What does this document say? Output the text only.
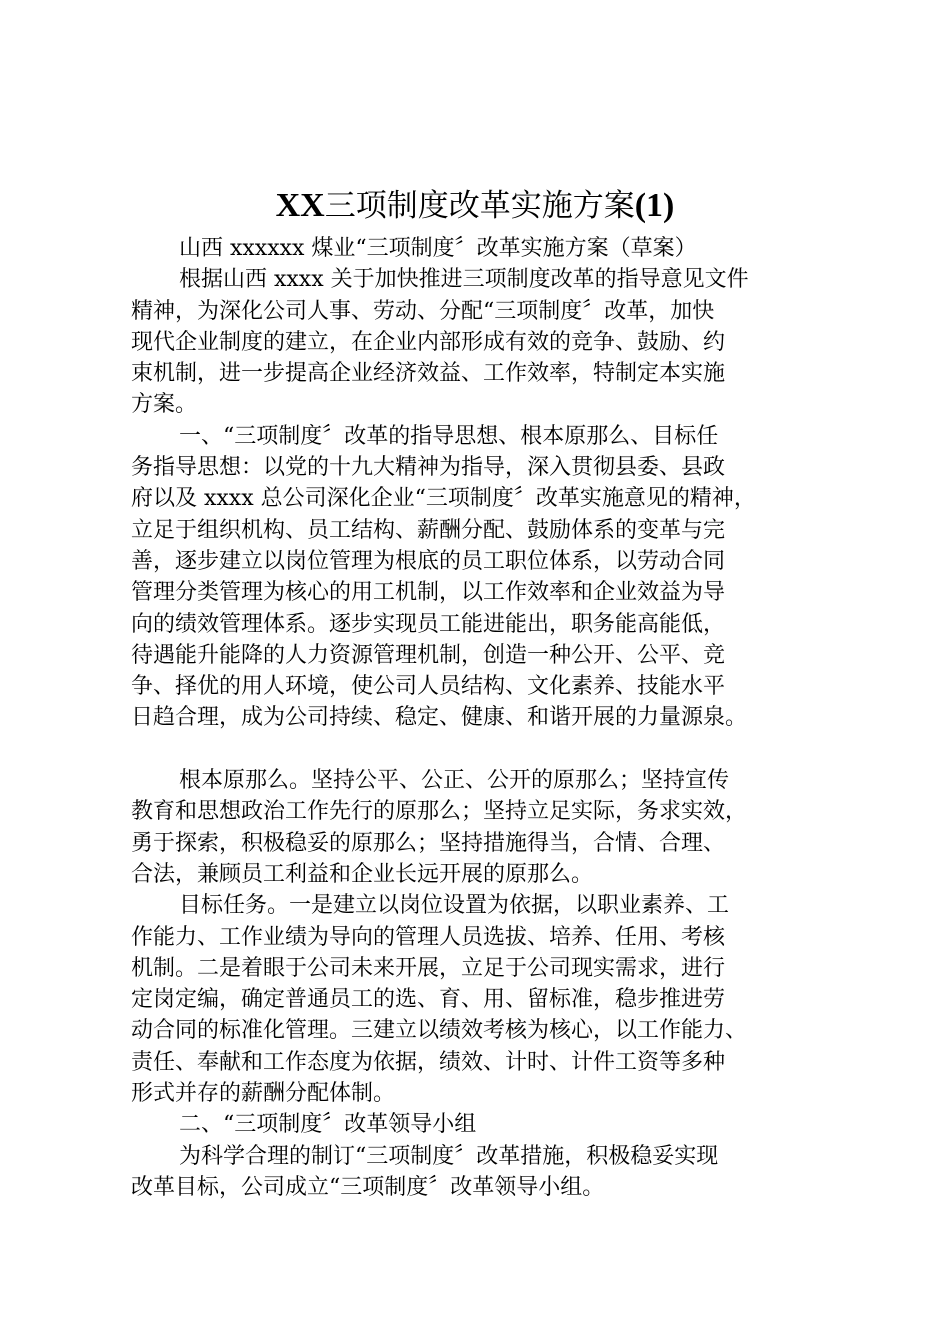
XX三项制度改革实施方案(1)
山西 xxxxxx 煤业“三项制度〞改革实施方案（草案）
根据山西 xxxx 关于加快推进三项制度改革的指导意见文件
精神，为深化公司人事、劳动、分配“三项制度〞改革，加快
现代企业制度的建立，在企业内部形成有效的竞争、鼓励、约
束机制，进一步提高企业经济效益、工作效率，特制定本实施
方案。
一、“三项制度〞改革的指导思想、根本原那么、目标任
务指导思想：以党的十九大精神为指导，深入贯彻县委、县政
府以及 xxxx 总公司深化企业“三项制度〞改革实施意见的精神，
立足于组织机构、员工结构、薪酬分配、鼓励体系的变革与完
善，逐步建立以岗位管理为根底的员工职位体系，以劳动合同
管理分类管理为核心的用工机制，以工作效率和企业效益为导
向的绩效管理体系。逐步实现员工能进能出，职务能高能低，
待遇能升能降的人力资源管理机制，创造一种公开、公平、竞
争、择优的用人环境，使公司人员结构、文化素养、技能水平
日趋合理，成为公司持续、稳定、健康、和谐开展的力量源泉。
根本原那么。坚持公平、公正、公开的原那么；坚持宣传
教育和思想政治工作先行的原那么；坚持立足实际，务求实效，
勇于探索，积极稳妥的原那么；坚持措施得当，合情、合理、
合法，兼顾员工利益和企业长远开展的原那么。
目标任务。一是建立以岗位设置为依据，以职业素养、工
作能力、工作业绩为导向的管理人员选拔、培养、任用、考核
机制。二是着眼于公司未来开展，立足于公司现实需求，进行
定岗定编，确定普通员工的选、育、用、留标准，稳步推进劳
动合同的标准化管理。三建立以绩效考核为核心，以工作能力、
责任、奉献和工作态度为依据，绩效、计时、计件工资等多种
形式并存的薪酬分配体制。
二、“三项制度〞改革领导小组
为科学合理的制订“三项制度〞改革措施，积极稳妥实现
改革目标，公司成立“三项制度〞改革领导小组。
